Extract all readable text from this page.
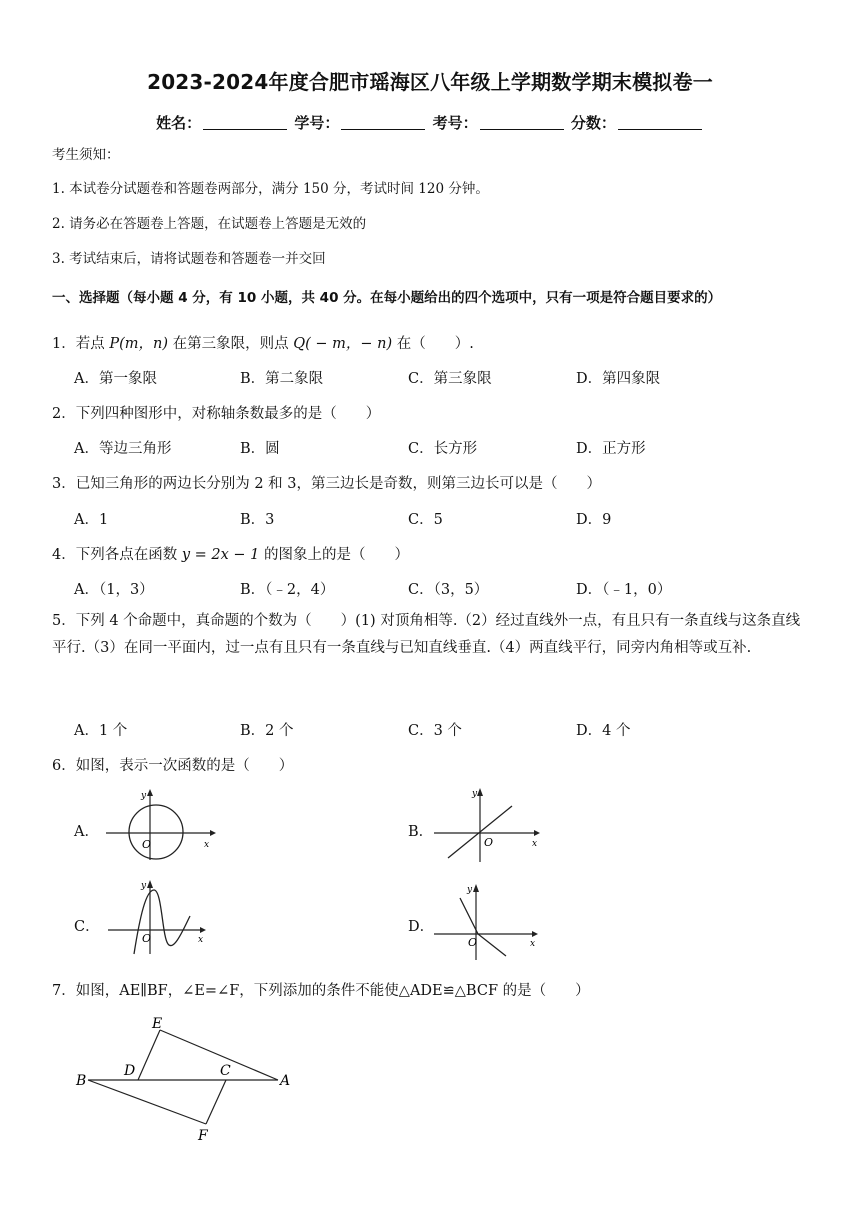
2023-2024年度合肥市瑶海区八年级上学期数学期末模拟卷一
姓名：	学号：	考号：	分数：
考生须知：
1. 本试卷分试题卷和答题卷两部分，满分 150 分，考试时间 120 分钟。
2. 请务必在答题卷上答题，在试题卷上答题是无效的
3. 考试结束后，请将试题卷和答题卷一并交回
一、选择题（每小题 4 分，有 10 小题，共 40 分。在每小题给出的四个选项中，只有一项是符合题目要求的）
1．若点 P(m，n) 在第三象限，则点 Q( − m，− n) 在（　　）.
A．第一象限	B．第二象限	C．第三象限	D．第四象限
2．下列四种图形中，对称轴条数最多的是（　　）
A．等边三角形	B．圆	C．长方形	D．正方形
3．已知三角形的两边长分别为 2 和 3，第三边长是奇数，则第三边长可以是（　　）
A．1	B．3	C．5	D．9
4．下列各点在函数 y = 2x − 1 的图象上的是（　　）
A．（1，3）	B．（﹣2，4）	C．（3，5）	D．（﹣1，0）
5．下列 4 个命题中，真命题的个数为（　　）(1) 对顶角相等.（2）经过直线外一点，有且只有一条直线与这条直线平行.（3）在同一平面内，过一点有且只有一条直线与已知直线垂直.（4）两直线平行，同旁内角相等或互补.
A．1 个	B．2 个	C．3 个	D．4 个
6．如图，表示一次函数的是（　　）
A．
x
y
O
B．
x
y
O
C．
x
y
O
D．
x
y
O
7．如图，AE∥BF，∠E=∠F，下列添加的条件不能使△ADE≌△BCF 的是（　　）
E
D	C
A
B
F
